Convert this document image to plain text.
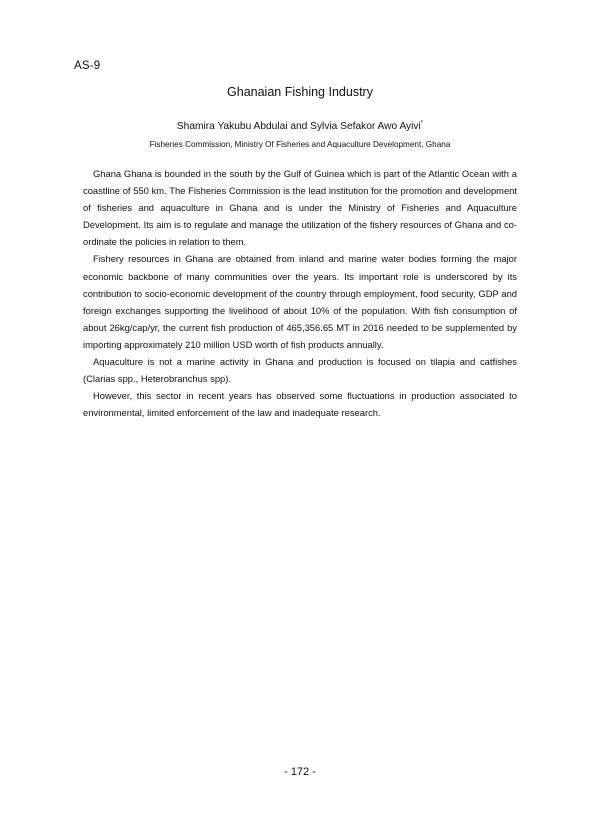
AS-9
Ghanaian Fishing Industry
Shamira Yakubu Abdulai and Sylvia Sefakor Awo Ayivi*
Fisheries Commission, Ministry Of Fisheries and Aquaculture Development, Ghana

Ghana Ghana is bounded in the south by the Gulf of Guinea which is part of the Atlantic Ocean with a coastline of 550 km. The Fisheries Commission is the lead institution for the promotion and development of fisheries and aquaculture in Ghana and is under the Ministry of Fisheries and Aquaculture Development. Its aim is to regulate and manage the utilization of the fishery resources of Ghana and co-ordinate the policies in relation to them.

Fishery resources in Ghana are obtained from inland and marine water bodies forming the major economic backbone of many communities over the years. Its important role is underscored by its contribution to socio-economic development of the country through employment, food security, GDP and foreign exchanges supporting the livelihood of about 10% of the population. With fish consumption of about 26kg/cap/yr, the current fish production of 465,356.65 MT in 2016 needed to be supplemented by importing approximately 210 million USD worth of fish products annually.

Aquaculture is not a marine activity in Ghana and production is focused on tilapia and catfishes (Clarias spp., Heterobranchus spp).

However, this sector in recent years has observed some fluctuations in production associated to environmental, limited enforcement of the law and inadequate research.

- 172 -
